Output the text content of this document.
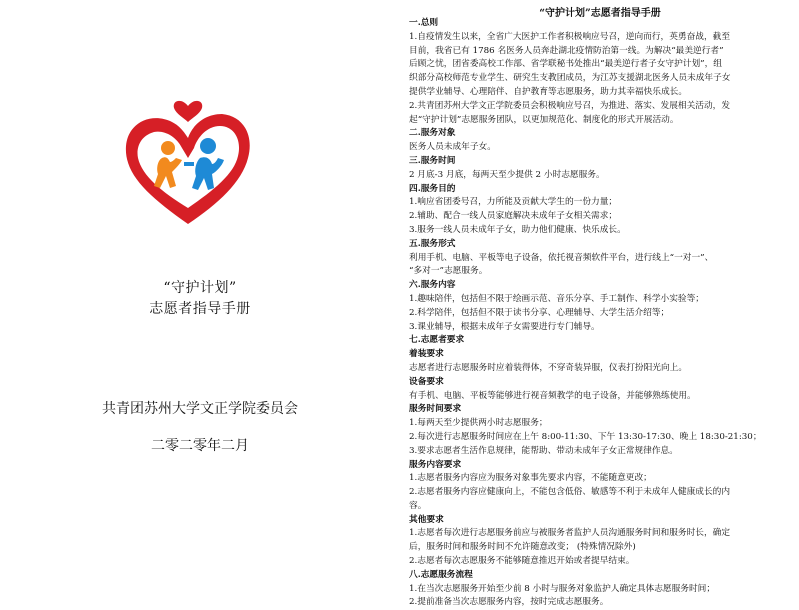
“守护计划”
志愿者指导手册
共青团苏州大学文正学院委员会
二零二零年二月
“守护计划”志愿者指导手册

一.总则

1.自疫情发生以来，全省广大医护工作者积极响应号召，逆向而行，英勇奋战，截至

目前，我省已有 1786 名医务人员奔赴湖北疫情防治第一线。为解决“最美逆行者”

后顾之忧，团省委高校工作部、省学联秘书处推出“最美逆行者子女守护计划”，组

织部分高校师范专业学生、研究生支教团成员，为江苏支援湖北医务人员未成年子女

提供学业辅导、心理陪伴、自护教育等志愿服务，助力其幸福快乐成长。

2.共青团苏州大学文正学院委员会积极响应号召，为推进、落实、发展相关活动，发

起“守护计划”志愿服务团队，以更加规范化、制度化的形式开展活动。

二.服务对象

医务人员未成年子女。

三.服务时间

2 月底-3 月底，每两天至少提供 2 小时志愿服务。

四.服务目的

1.响应省团委号召，力所能及贡献大学生的一份力量；

2.辅助、配合一线人员家庭解决未成年子女相关需求；

3.服务一线人员未成年子女，助力他们健康、快乐成长。

五.服务形式

利用手机、电脑、平板等电子设备，依托视音频软件平台，进行线上“一对一”、

“多对一”志愿服务。

六.服务内容

1.趣味陪伴，包括但不限于绘画示范、音乐分享、手工制作、科学小实验等；

2.科学陪伴，包括但不限于读书分享、心理辅导、大学生活介绍等；

3.课业辅导，根据未成年子女需要进行专门辅导。

七.志愿者要求

着装要求

志愿者进行志愿服务时应着装得体，不穿奇装异服，仪表打扮阳光向上。

设备要求

有手机、电脑、平板等能够进行视音频教学的电子设备，并能够熟练使用。

服务时间要求

1.每两天至少提供两小时志愿服务；

2.每次进行志愿服务时间应在上午 8:00-11:30、下午 13:30-17:30、晚上 18:30-21:30；

3.要求志愿者生活作息规律，能帮助、带动未成年子女正常规律作息。

服务内容要求

1.志愿者服务内容应为服务对象事先要求内容，不能随意更改；

2.志愿者服务内容应健康向上，不能包含低俗、敏感等不利于未成年人健康成长的内

容。

其他要求

1.志愿者每次进行志愿服务前应与被服务者监护人员沟通服务时间和服务时长，确定

后，服务时间和服务时间不允许随意改变； (特殊情况除外)

2.志愿者每次志愿服务不能够随意推迟开始或者提早结束。

八.志愿服务流程

1.在当次志愿服务开始至少前 8 小时与服务对象监护人确定具体志愿服务时间；

2.提前准备当次志愿服务内容，按时完成志愿服务。
